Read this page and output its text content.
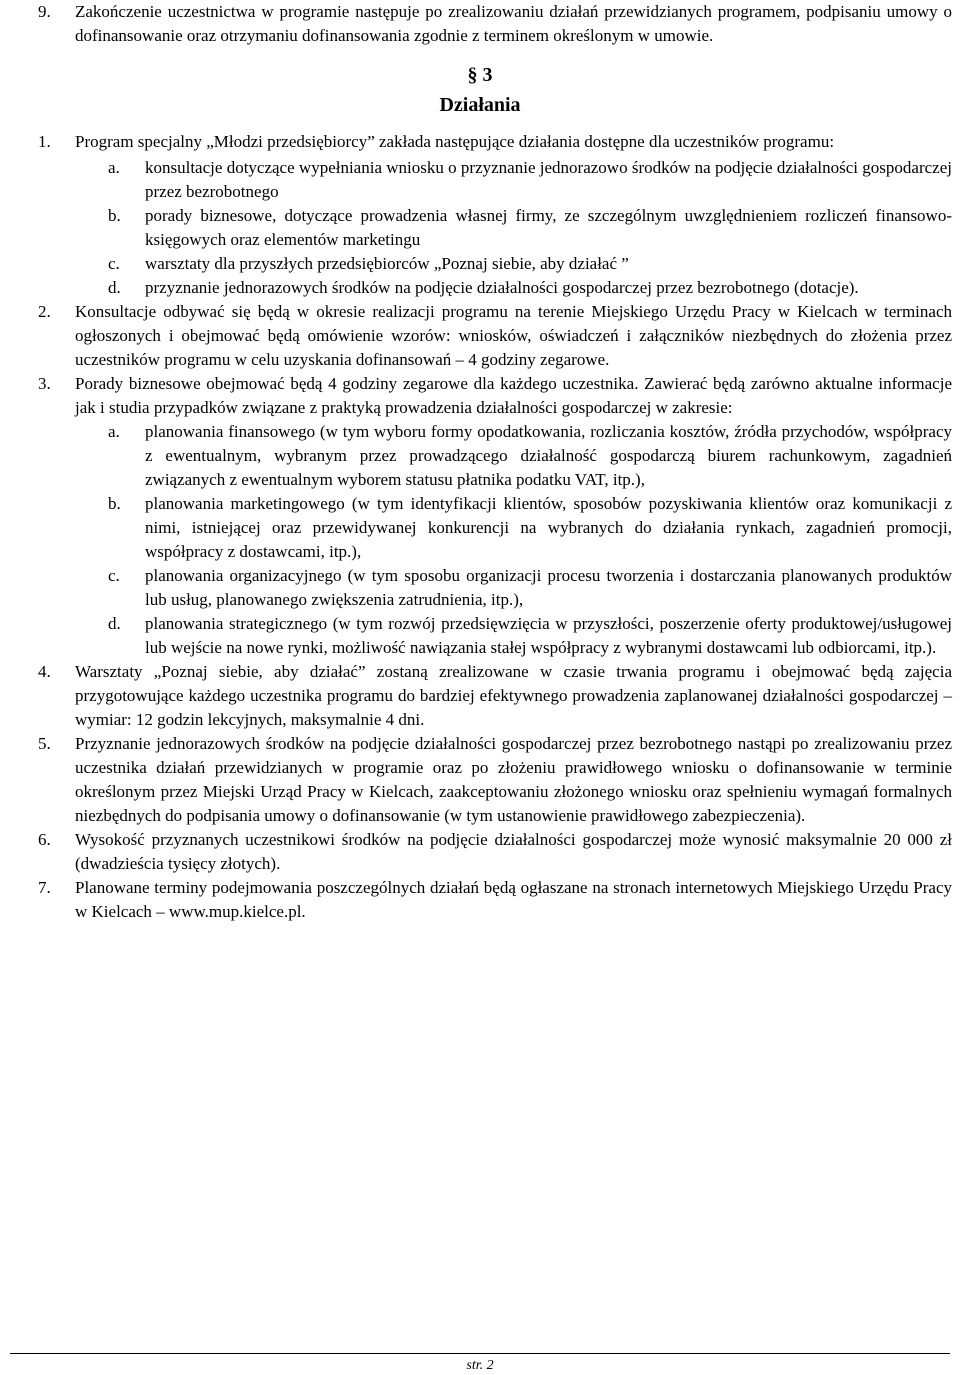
9. Zakończenie uczestnictwa w programie następuje po zrealizowaniu działań przewidzianych programem, podpisaniu umowy o dofinansowanie oraz otrzymaniu dofinansowania zgodnie z terminem określonym w umowie.
§ 3
Działania
1. Program specjalny „Młodzi przedsiębiorcy” zakłada następujące działania dostępne dla uczestników programu:
a. konsultacje dotyczące wypełniania wniosku o przyznanie jednorazowo środków na podjęcie działalności gospodarczej przez bezrobotnego
b. porady biznesowe, dotyczące prowadzenia własnej firmy, ze szczególnym uwzględnieniem rozliczeń finansowo-księgowych oraz elementów marketingu
c. warsztaty dla przyszłych przedsiębiorców „Poznaj siebie, aby działać ”
d. przyznanie jednorazowych środków na podjęcie działalności gospodarczej przez bezrobotnego (dotacje).
2. Konsultacje odbywać się będą w okresie realizacji programu na terenie Miejskiego Urzędu Pracy w Kielcach w terminach ogłoszonych i obejmować będą omówienie wzorów: wniosków, oświadczeń i załączników niezbędnych do złożenia przez uczestników programu w celu uzyskania dofinansowań – 4 godziny zegarowe.
3. Porady biznesowe obejmować będą 4 godziny zegarowe dla każdego uczestnika. Zawierać będą zarówno aktualne informacje jak i studia przypadków związane z praktyką prowadzenia działalności gospodarczej w zakresie:
a. planowania finansowego (w tym wyboru formy opodatkowania, rozliczania kosztów, źródła przychodów, współpracy z ewentualnym, wybranym przez prowadzącego działalność gospodarczą biurem rachunkowym, zagadnień związanych z ewentualnym wyborem statusu płatnika podatku VAT, itp.),
b. planowania marketingowego (w tym identyfikacji klientów, sposobów pozyskiwania klientów oraz komunikacji z nimi, istniejącej oraz przewidywanej konkurencji na wybranych do działania rynkach, zagadnień promocji, współpracy z dostawcami, itp.),
c. planowania organizacyjnego (w tym sposobu organizacji procesu tworzenia i dostarczania planowanych produktów lub usług, planowanego zwiększenia zatrudnienia, itp.),
d. planowania strategicznego (w tym rozwój przedsięwzięcia w przyszłości, poszerzenie oferty produktowej/usługowej lub wejście na nowe rynki, możliwość nawiązania stałej współpracy z wybranymi dostawcami lub odbiorcami, itp.).
4. Warsztaty „Poznaj siebie, aby działać” zostaną zrealizowane w czasie trwania programu i obejmować będą zajęcia przygotowujące każdego uczestnika programu do bardziej efektywnego prowadzenia zaplanowanej działalności gospodarczej – wymiar: 12 godzin lekcyjnych, maksymalnie 4 dni.
5. Przyznanie jednorazowych środków na podjęcie działalności gospodarczej przez bezrobotnego nastąpi po zrealizowaniu przez uczestnika działań przewidzianych w programie oraz po złożeniu prawidłowego wniosku o dofinansowanie w terminie określonym przez Miejski Urząd Pracy w Kielcach, zaakceptowaniu złożonego wniosku oraz spełnieniu wymagań formalnych niezbędnych do podpisania umowy o dofinansowanie (w tym ustanowienie prawidłowego zabezpieczenia).
6. Wysokość przyznanych uczestnikowi środków na podjęcie działalności gospodarczej może wynosić maksymalnie 20 000 zł (dwadzieścia tysięcy złotych).
7. Planowane terminy podejmowania poszczególnych działań będą ogłaszane na stronach internetowych Miejskiego Urzędu Pracy w Kielcach – www.mup.kielce.pl.
str. 2
